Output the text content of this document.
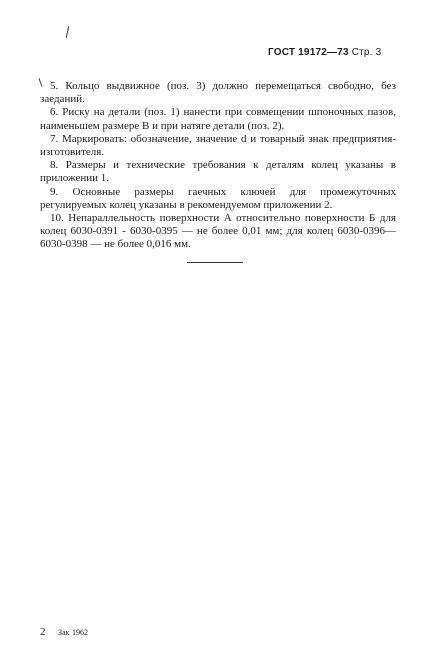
ГОСТ 19172—73 Стр. 3

5. Кольцо выдвижное (поз. 3) должно перемещаться свободно, без заеданий.

6. Риску на детали (поз. 1) нанести при совмещении шпоночных пазов, наименьшем размере В и при натяге детали (поз. 2).

7. Маркировать: обозначение, значение d и товарный знак предприятия-изготовителя.

8. Размеры и технические требования к деталям колец указаны в приложении 1.

9. Основные размеры гаечных ключей для промежуточных регулируемых колец указаны в рекомендуемом приложении 2.

10. Непараллельность поверхности А относительно поверхности Б для колец 6030-0391 - 6030-0395 — не более 0,01 мм; для колец 6030-0396—6030-0398 — не более 0,016 мм.

2 Зак 1962
